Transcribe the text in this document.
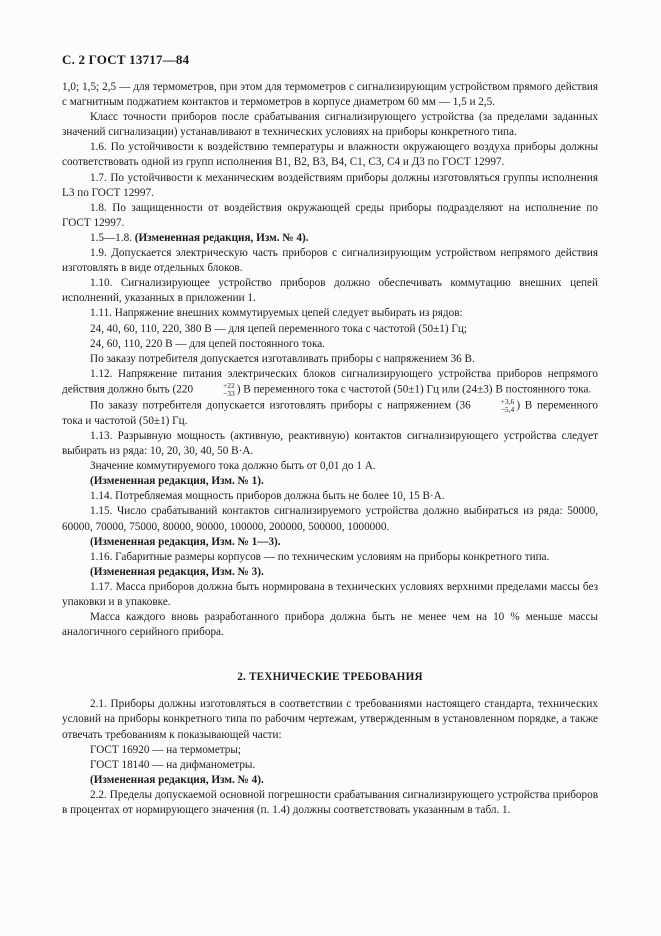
С. 2 ГОСТ 13717—84

1,0; 1,5; 2,5 — для термометров, при этом для термометров с сигнализирующим устройством прямого действия с магнитным поджатием контактов и термометров в корпусе диаметром 60 мм — 1,5 и 2,5.

Класс точности приборов после срабатывания сигнализирующего устройства (за пределами заданных значений сигнализации) устанавливают в технических условиях на приборы конкретного типа.

1.6. По устойчивости к воздействию температуры и влажности окружающего воздуха приборы должны соответствовать одной из групп исполнения В1, В2, В3, В4, С1, С3, С4 и Д3 по ГОСТ 12997.

1.7. По устойчивости к механическим воздействиям приборы должны изготовляться группы исполнения L3 по ГОСТ 12997.

1.8. По защищенности от воздействия окружающей среды приборы подразделяют на исполнение по ГОСТ 12997.

1.5—1.8. (Измененная редакция, Изм. № 4).

1.9. Допускается электрическую часть приборов с сигнализирующим устройством непрямого действия изготовлять в виде отдельных блоков.

1.10. Сигнализирующее устройство приборов должно обеспечивать коммутацию внешних цепей исполнений, указанных в приложении 1.

1.11. Напряжение внешних коммутируемых цепей следует выбирать из рядов:

24, 40, 60, 110, 220, 380 В — для цепей переменного тока с частотой (50±1) Гц;

24, 60, 110, 220 В — для цепей постоянного тока.

По заказу потребителя допускается изготавливать приборы с напряжением 36 В.

1.12. Напряжение питания электрических блоков сигнализирующего устройства приборов непрямого действия должно быть (220	+22
−33 ) В переменного тока с частотой (50±1) Гц или (24±3) В постоянного тока.

По заказу потребителя допускается изготовлять приборы с напряжением (36	+3,6
−5,4 ) В переменного тока и частотой (50±1) Гц.

1.13. Разрывную мощность (активную, реактивную) контактов сигнализирующего устройства следует выбирать из ряда: 10, 20, 30, 40, 50 В·А.

Значение коммутируемого тока должно быть от 0,01 до 1 А.

(Измененная редакция, Изм. № 1).

1.14. Потребляемая мощность приборов должна быть не более 10, 15 В·А.

1.15. Число срабатываний контактов сигнализируемого устройства должно выбираться из ряда: 50000, 60000, 70000, 75000, 80000, 90000, 100000, 200000, 500000, 1000000.

(Измененная редакция, Изм. № 1—3).

1.16. Габаритные размеры корпусов — по техническим условиям на приборы конкретного типа.

(Измененная редакция, Изм. № 3).

1.17. Масса приборов должна быть нормирована в технических условиях верхними пределами массы без упаковки и в упаковке.

Масса каждого вновь разработанного прибора должна быть не менее чем на 10 % меньше массы аналогичного серийного прибора.

2. ТЕХНИЧЕСКИЕ ТРЕБОВАНИЯ

2.1. Приборы должны изготовляться в соответствии с требованиями настоящего стандарта, технических условий на приборы конкретного типа по рабочим чертежам, утвержденным в установленном порядке, а также отвечать требованиям к показывающей части:

ГОСТ 16920 — на термометры;

ГОСТ 18140 — на дифманометры.

(Измененная редакция, Изм. № 4).

2.2. Пределы допускаемой основной погрешности срабатывания сигнализирующего устройства приборов в процентах от нормирующего значения (п. 1.4) должны соответствовать указанным в табл. 1.
